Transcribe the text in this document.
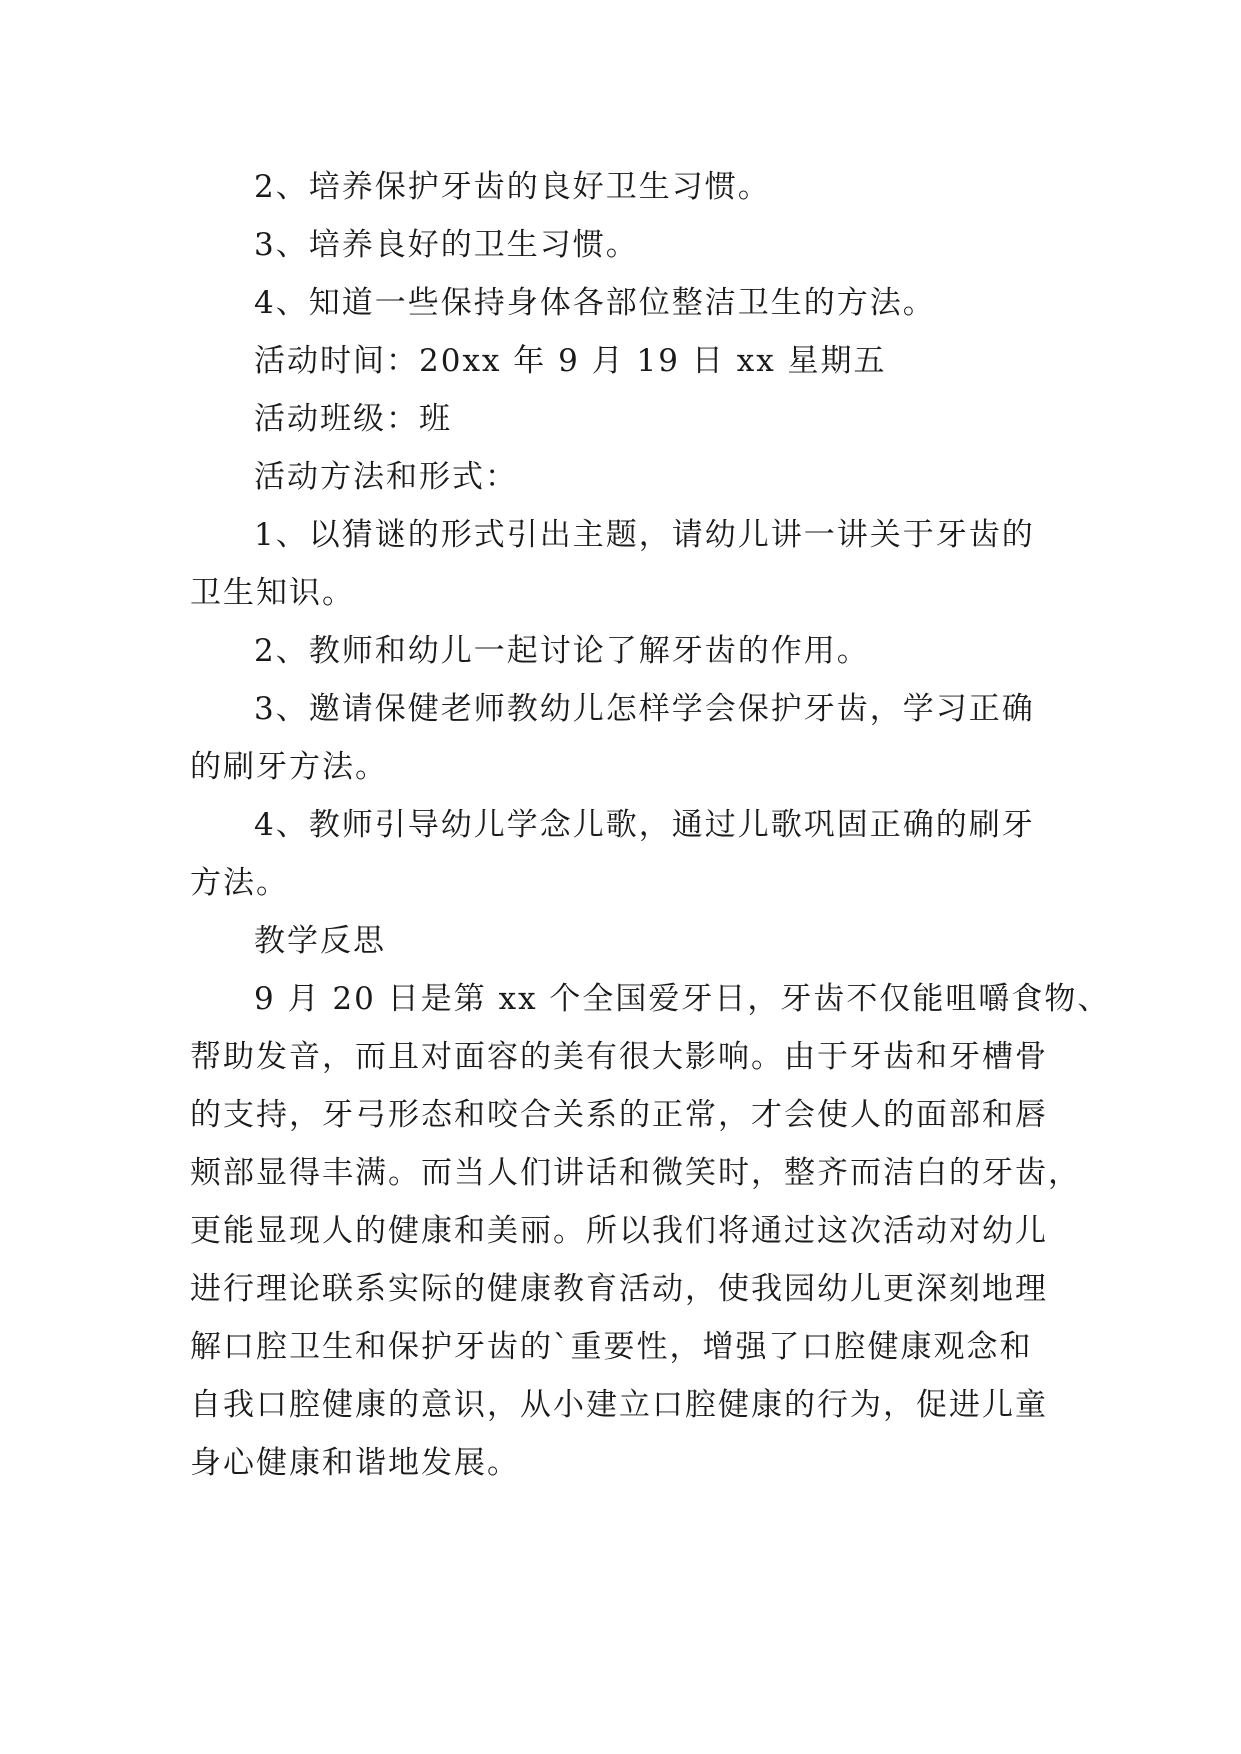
2、培养保护牙齿的良好卫生习惯。
3、培养良好的卫生习惯。
4、知道一些保持身体各部位整洁卫生的方法。
活动时间：20xx 年 9 月 19 日 xx 星期五
活动班级：班
活动方法和形式：
1、以猜谜的形式引出主题，请幼儿讲一讲关于牙齿的
卫生知识。
2、教师和幼儿一起讨论了解牙齿的作用。
3、邀请保健老师教幼儿怎样学会保护牙齿，学习正确
的刷牙方法。
4、教师引导幼儿学念儿歌，通过儿歌巩固正确的刷牙
方法。
教学反思
9 月 20 日是第 xx 个全国爱牙日，牙齿不仅能咀嚼食物、
帮助发音，而且对面容的美有很大影响。由于牙齿和牙槽骨
的支持，牙弓形态和咬合关系的正常，才会使人的面部和唇
颊部显得丰满。而当人们讲话和微笑时，整齐而洁白的牙齿，
更能显现人的健康和美丽。所以我们将通过这次活动对幼儿
进行理论联系实际的健康教育活动，使我园幼儿更深刻地理
解口腔卫生和保护牙齿的`重要性，增强了口腔健康观念和
自我口腔健康的意识，从小建立口腔健康的行为，促进儿童
身心健康和谐地发展。
